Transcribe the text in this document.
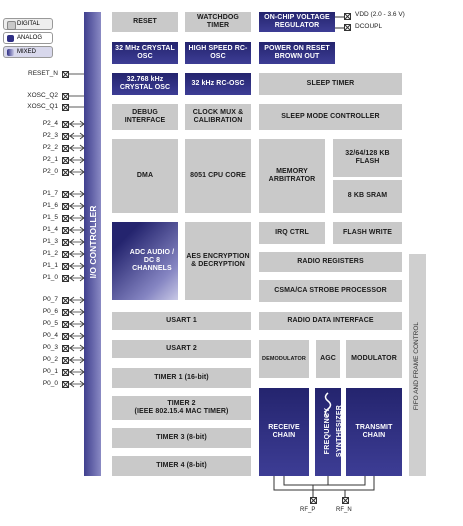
DIGITAL
ANALOG
MIXED
I/O CONTROLLER
FIFO AND FRAME CONTROL
RESET
WATCHDOG TIMER
ON-CHIP VOLTAGE REGULATOR
32 MHz CRYSTAL OSC
HIGH SPEED RC-OSC
POWER ON RESET BROWN OUT
32.768 kHz CRYSTAL OSC
32 kHz RC-OSC	SLEEP TIMER
DEBUG INTERFACE
CLOCK MUX & CALIBRATION
SLEEP MODE CONTROLLER
DMA	8051 CPU CORE
MEMORY ARBITRATOR
32/64/128 KB FLASH
8 KB SRAM
ADC AUDIO / DC 8 CHANNELS
AES ENCRYPTION & DECRYPTION
IRQ CTRL	FLASH WRITE
RADIO REGISTERS
CSMA/CA STROBE PROCESSOR
USART 1	RADIO DATA INTERFACE
USART 2
DEMODULATOR	AGC	MODULATOR
TIMER 1 (16-bit)
TIMER 2
(IEEE 802.15.4 MAC TIMER)
TIMER 3 (8-bit)
TIMER 4 (8-bit)
RECEIVE CHAIN	FREQUENCY SYNTHESIZER	TRANSMIT CHAIN
VDD (2.0 - 3.6 V)
DCOUPL
RF_P	RF_N
RESET_N
XOSC_Q2
XOSC_Q1
P2_4
P2_3
P2_2
P2_1
P2_0
P1_7
P1_6
P1_5
P1_4
P1_3
P1_2
P1_1
P1_0
P0_7
P0_6
P0_5
P0_4
P0_3
P0_2
P0_1
P0_0
